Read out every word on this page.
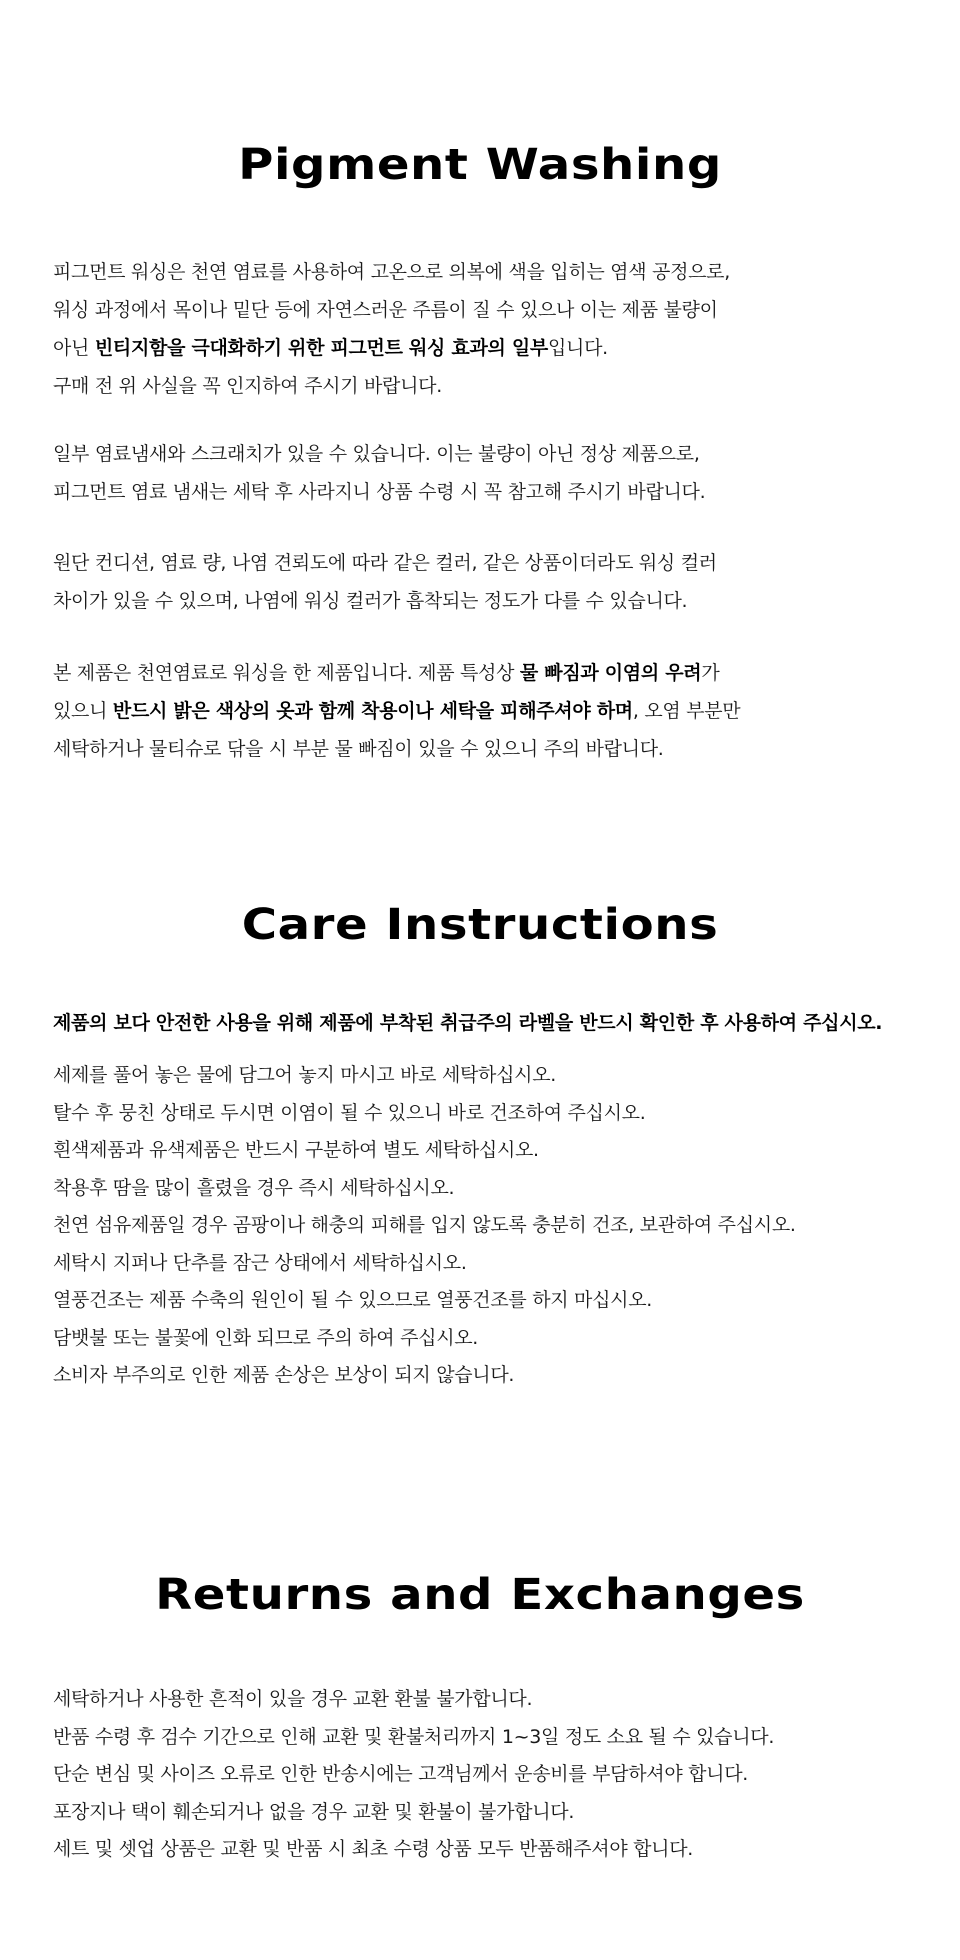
Pigment Washing
피그먼트 워싱은 천연 염료를 사용하여 고온으로 의복에 색을 입히는 염색 공정으로,
워싱 과정에서 목이나 밑단 등에 자연스러운 주름이 질 수 있으나 이는 제품 불량이
아닌 빈티지함을 극대화하기 위한 피그먼트 워싱 효과의 일부입니다.
구매 전 위 사실을 꼭 인지하여 주시기 바랍니다.
일부 염료냄새와 스크래치가 있을 수 있습니다. 이는 불량이 아닌 정상 제품으로,
피그먼트 염료 냄새는 세탁 후 사라지니 상품 수령 시 꼭 참고해 주시기 바랍니다.
원단 컨디션, 염료 량, 나염 견뢰도에 따라 같은 컬러, 같은 상품이더라도 워싱 컬러
차이가 있을 수 있으며, 나염에 워싱 컬러가 흡착되는 정도가 다를 수 있습니다.
본 제품은 천연염료로 워싱을 한 제품입니다. 제품 특성상 물 빠짐과 이염의 우려가
있으니 반드시 밝은 색상의 옷과 함께 착용이나 세탁을 피해주셔야 하며, 오염 부분만
세탁하거나 물티슈로 닦을 시 부분 물 빠짐이 있을 수 있으니 주의 바랍니다.
Care Instructions
제품의 보다 안전한 사용을 위해 제품에 부착된 취급주의 라벨을 반드시 확인한 후 사용하여 주십시오.
세제를 풀어 놓은 물에 담그어 놓지 마시고 바로 세탁하십시오.
탈수 후 뭉친 상태로 두시면 이염이 될 수 있으니 바로 건조하여 주십시오.
흰색제품과 유색제품은 반드시 구분하여 별도 세탁하십시오.
착용후 땀을 많이 흘렸을 경우 즉시 세탁하십시오.
천연 섬유제품일 경우 곰팡이나 해충의 피해를 입지 않도록 충분히 건조, 보관하여 주십시오.
세탁시 지퍼나 단추를 잠근 상태에서 세탁하십시오.
열풍건조는 제품 수축의 원인이 될 수 있으므로 열풍건조를 하지 마십시오.
담뱃불 또는 불꽃에 인화 되므로 주의 하여 주십시오.
소비자 부주의로 인한 제품 손상은 보상이 되지 않습니다.
Returns and Exchanges
세탁하거나 사용한 흔적이 있을 경우 교환 환불 불가합니다.
반품 수령 후 검수 기간으로 인해 교환 및 환불처리까지 1~3일 정도 소요 될 수 있습니다.
단순 변심 및 사이즈 오류로 인한 반송시에는 고객님께서 운송비를 부담하셔야 합니다.
포장지나 택이 훼손되거나 없을 경우 교환 및 환불이 불가합니다.
세트 및 셋업 상품은 교환 및 반품 시 최초 수령 상품 모두 반품해주셔야 합니다.
